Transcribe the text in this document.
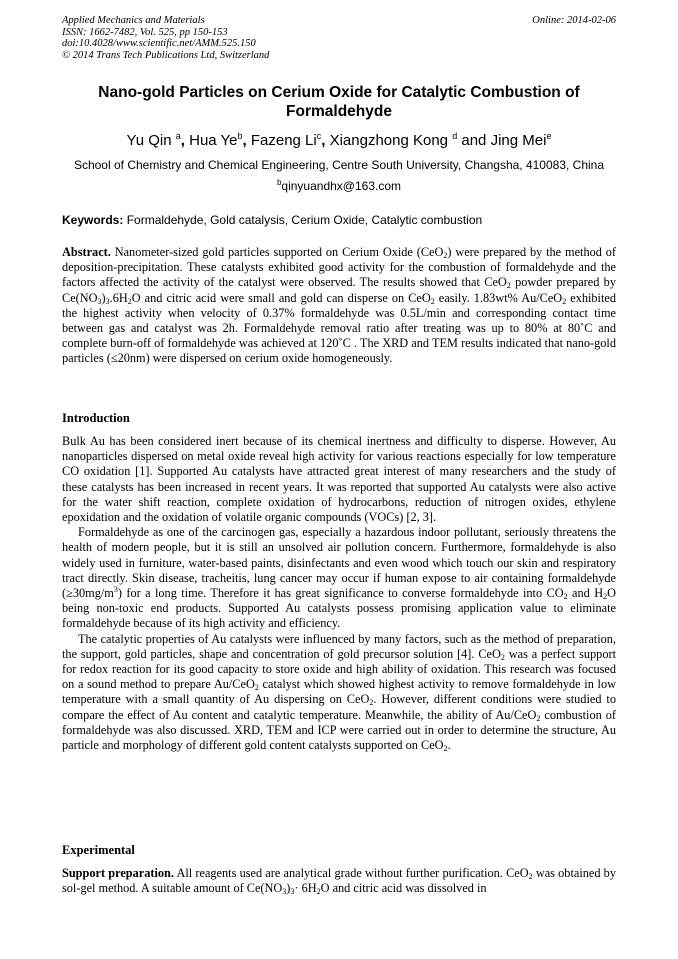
Applied Mechanics and Materials
ISSN: 1662-7482, Vol. 525, pp 150-153
doi:10.4028/www.scientific.net/AMM.525.150
© 2014 Trans Tech Publications Ltd, Switzerland
Online: 2014-02-06
Nano-gold Particles on Cerium Oxide for Catalytic Combustion of Formaldehyde
Yu Qin $^a$, Hua Ye$^b$, Fazeng Li$^c$, Xiangzhong Kong $^d$ and Jing Mei$^e$
School of Chemistry and Chemical Engineering, Centre South University, Changsha, 410083, China
$^b$qinyuandhx@163.com
Keywords: Formaldehyde, Gold catalysis, Cerium Oxide, Catalytic combustion
Abstract. Nanometer-sized gold particles supported on Cerium Oxide (CeO$_2$) were prepared by the method of deposition-precipitation. These catalysts exhibited good activity for the combustion of formaldehyde and the factors affected the activity of the catalyst were observed. The results showed that CeO$_2$ powder prepared by $Ce(NO_3)_3.6H_2O$ and citric acid were small and gold can disperse on CeO$_2$ easily. 1.83wt% Au/CeO$_2$ exhibited the highest activity when velocity of 0.37% formaldehyde was 0.5L/min and corresponding contact time between gas and catalyst was 2h. Formaldehyde removal ratio after treating was up to 80% at 80˚C and complete burn-off of formaldehyde was achieved at 120˚C . The XRD and TEM results indicated that nano-gold particles (≤20nm) were dispersed on cerium oxide homogeneously.
Introduction

Bulk Au has been considered inert because of its chemical inertness and difficulty to disperse. However, Au nanoparticles dispersed on metal oxide reveal high activity for various reactions especially for low temperature CO oxidation [1]. Supported Au catalysts have attracted great interest of many researchers and the study of these catalysts has been increased in recent years. It was reported that supported Au catalysts were also active for the water shift reaction, complete oxidation of hydrocarbons, reduction of nitrogen oxides, ethylene epoxidation and the oxidation of volatile organic compounds (VOCs) [2, 3].

Formaldehyde as one of the carcinogen gas, especially a hazardous indoor pollutant, seriously threatens the health of modern people, but it is still an unsolved air pollution concern. Furthermore, formaldehyde is also widely used in furniture, water-based paints, disinfectants and even wood which touch our skin and respiratory tract directly. Skin disease, tracheitis, lung cancer may occur if human expose to air containing formaldehyde $(\ge 30mg/m^3)$ for a long time. Therefore it has great significance to converse formaldehyde into $CO_2$ and $H_2O$ being non-toxic end products. Supported Au catalysts possess promising application value to eliminate formaldehyde because of its high activity and efficiency.

The catalytic properties of Au catalysts were influenced by many factors, such as the method of preparation, the support, gold particles, shape and concentration of gold precursor solution [4]. CeO$_2$ was a perfect support for redox reaction for its good capacity to store oxide and high ability of oxidation. This research was focused on a sound method to prepare Au/CeO$_2$ catalyst which showed highest activity to remove formaldehyde in low temperature with a small quantity of Au dispersing on CeO$_2$. However, different conditions were studied to compare the effect of Au content and catalytic temperature. Meanwhile, the ability of Au/CeO$_2$ combustion of formaldehyde was also discussed. XRD, TEM and ICP were carried out in order to determine the structure, Au particle and morphology of different gold content catalysts supported on CeO$_2$.

Experimental
Support preparation. All reagents used are analytical grade without further purification. CeO$_2$ was obtained by sol-gel method. A suitable amount of $Ce(NO_3)_3\cdot 6H_2O$ and citric acid was dissolved in
